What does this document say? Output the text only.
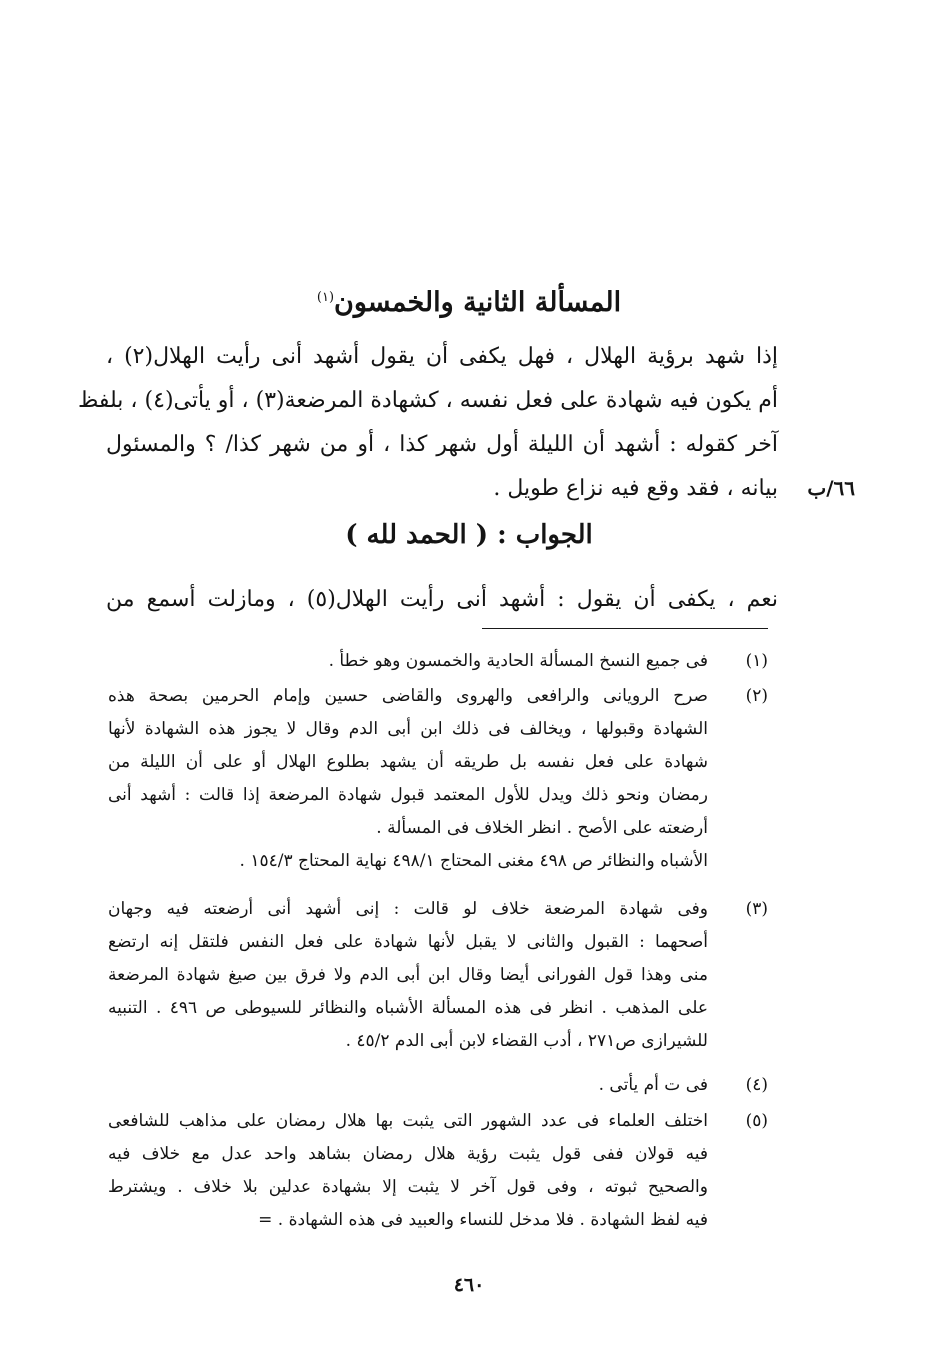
المسألة الثانية والخمسون$^{(١)}$
إذا شهد برؤية الهلال ، فهل يكفى أن يقول أشهد أنى رأيت الهلال(٢) ،
أم يكون فيه شهادة على فعل نفسه ، كشهادة المرضعة(٣) ، أو يأتى(٤) ، بلفظ
آخر كقوله : أشهد أن الليلة أول شهر كذا ، أو من شهر كذا/ ؟ والمسئول
بيانه ، فقد وقع فيه نزاع طويل .	٦٦/ب
الجواب : ( الحمد لله )
نعم ، يكفى أن يقول : أشهد أنى رأيت الهلال(٥) ، ومازلت أسمع من
(١)
فى جميع النسخ المسألة الحادية والخمسون وهو خطأ .
(٢)
صرح الرويانى والرافعى والهروى والقاضى حسين وإمام الحرمين بصحة هذه
الشهادة وقبولها ، ويخالف فى ذلك ابن أبى الدم وقال لا يجوز هذه الشهادة لأنها
شهادة على فعل نفسه بل طريقه أن يشهد بطلوع الهلال أو على أن الليلة من
رمضان ونحو ذلك ويدل للأول المعتمد قبول شهادة المرضعة إذا قالت : أشهد أنى
أرضعته على الأصح . انظر الخلاف فى المسألة .
الأشباه والنظائر ص ٤٩٨ مغنى المحتاج ٤٩٨/١ نهاية المحتاج ١٥٤/٣ .
(٣)
وفى شهادة المرضعة خلاف لو قالت : إنى أشهد أنى أرضعته فيه وجهان
أصحهما : القبول والثانى لا يقبل لأنها شهادة على فعل النفس فلتقل إنه ارتضع
منى وهذا قول الفورانى أيضا وقال ابن أبى الدم ولا فرق بين صيغ شهادة المرضعة
على المذهب . انظر فى هذه المسألة الأشباه والنظائر للسيوطى ص ٤٩٦ . التنبيه
للشيرازى ص٢٧١ ، أدب القضاء لابن أبى الدم ٤٥/٢ .
(٤)
فى ت أم يأتى .
(٥)
اختلف العلماء فى عدد الشهور التى يثبت بها هلال رمضان على مذاهب للشافعى
فيه قولان ففى قول يثبت رؤية هلال رمضان بشاهد واحد عدل مع خلاف فيه
والصحيح ثبوته ، وفى قول آخر لا يثبت إلا بشهادة عدلين بلا خلاف . ويشترط
فيه لفظ الشهادة . فلا مدخل للنساء والعبيد فى هذه الشهادة . =
٤٦٠
